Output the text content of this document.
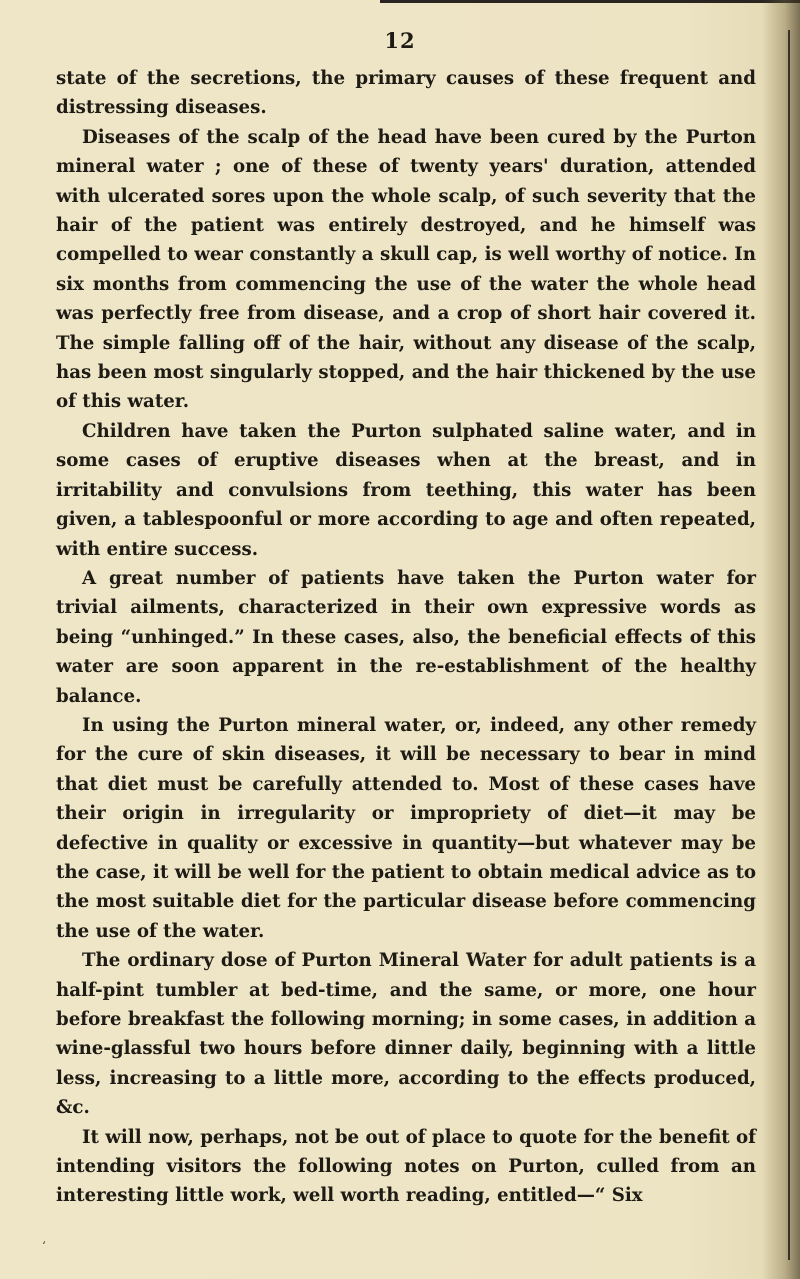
12

state of the secretions, the primary causes of these frequent and distressing diseases.

Diseases of the scalp of the head have been cured by the Purton mineral water ; one of these of twenty years' duration, attended with ulcerated sores upon the whole scalp, of such severity that the hair of the patient was entirely destroyed, and he himself was compelled to wear constantly a skull cap, is well worthy of notice. In six months from commencing the use of the water the whole head was perfectly free from disease, and a crop of short hair covered it. The simple falling off of the hair, without any disease of the scalp, has been most singularly stopped, and the hair thickened by the use of this water.

Children have taken the Purton sulphated saline water, and in some cases of eruptive diseases when at the breast, and in irritability and convulsions from teething, this water has been given, a tablespoonful or more according to age and often repeated, with entire success.

A great number of patients have taken the Purton water for trivial ailments, characterized in their own expressive words as being “unhinged.” In these cases, also, the beneficial effects of this water are soon apparent in the re-establishment of the healthy balance.

In using the Purton mineral water, or, indeed, any other remedy for the cure of skin diseases, it will be necessary to bear in mind that diet must be carefully attended to. Most of these cases have their origin in irregularity or impropriety of diet—it may be defective in quality or excessive in quantity—but whatever may be the case, it will be well for the patient to obtain medical advice as to the most suitable diet for the particular disease before commencing the use of the water.

The ordinary dose of Purton Mineral Water for adult patients is a half-pint tumbler at bed-time, and the same, or more, one hour before breakfast the following morning; in some cases, in addition a wine-glassful two hours before dinner daily, beginning with a little less, increasing to a little more, according to the effects produced, &c.

It will now, perhaps, not be out of place to quote for the benefit of intending visitors the following notes on Purton, culled from an interesting little work, well worth reading, entitled—“ Six

‘
